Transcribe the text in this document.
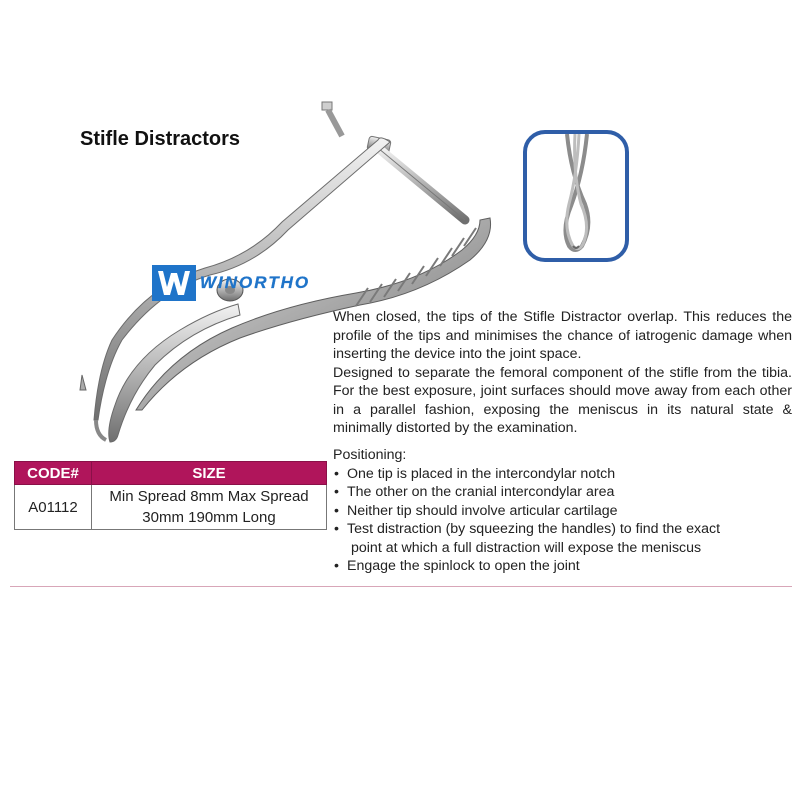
Stifle Distractors
WINORTHO

When closed, the tips of the Stifle Distractor overlap. This reduces the profile of the tips and minimises the chance of iatrogenic damage when inserting the device into the joint space.

Designed to separate the femoral component of the stifle from the tibia. For the best exposure, joint surfaces should move away from each other in a parallel fashion, exposing the meniscus in its natural state & minimally distorted by the examination.

Positioning:
• One tip is placed in the intercondylar notch
• The other on the cranial intercondylar area
• Neither tip should involve articular cartilage
• Test distraction (by squeezing the handles) to find the exact
point at which a full distraction will expose the meniscus
• Engage the spinlock to open the joint
CODE#	SIZE
A01112	Min Spread 8mm Max Spread
30mm 190mm Long
